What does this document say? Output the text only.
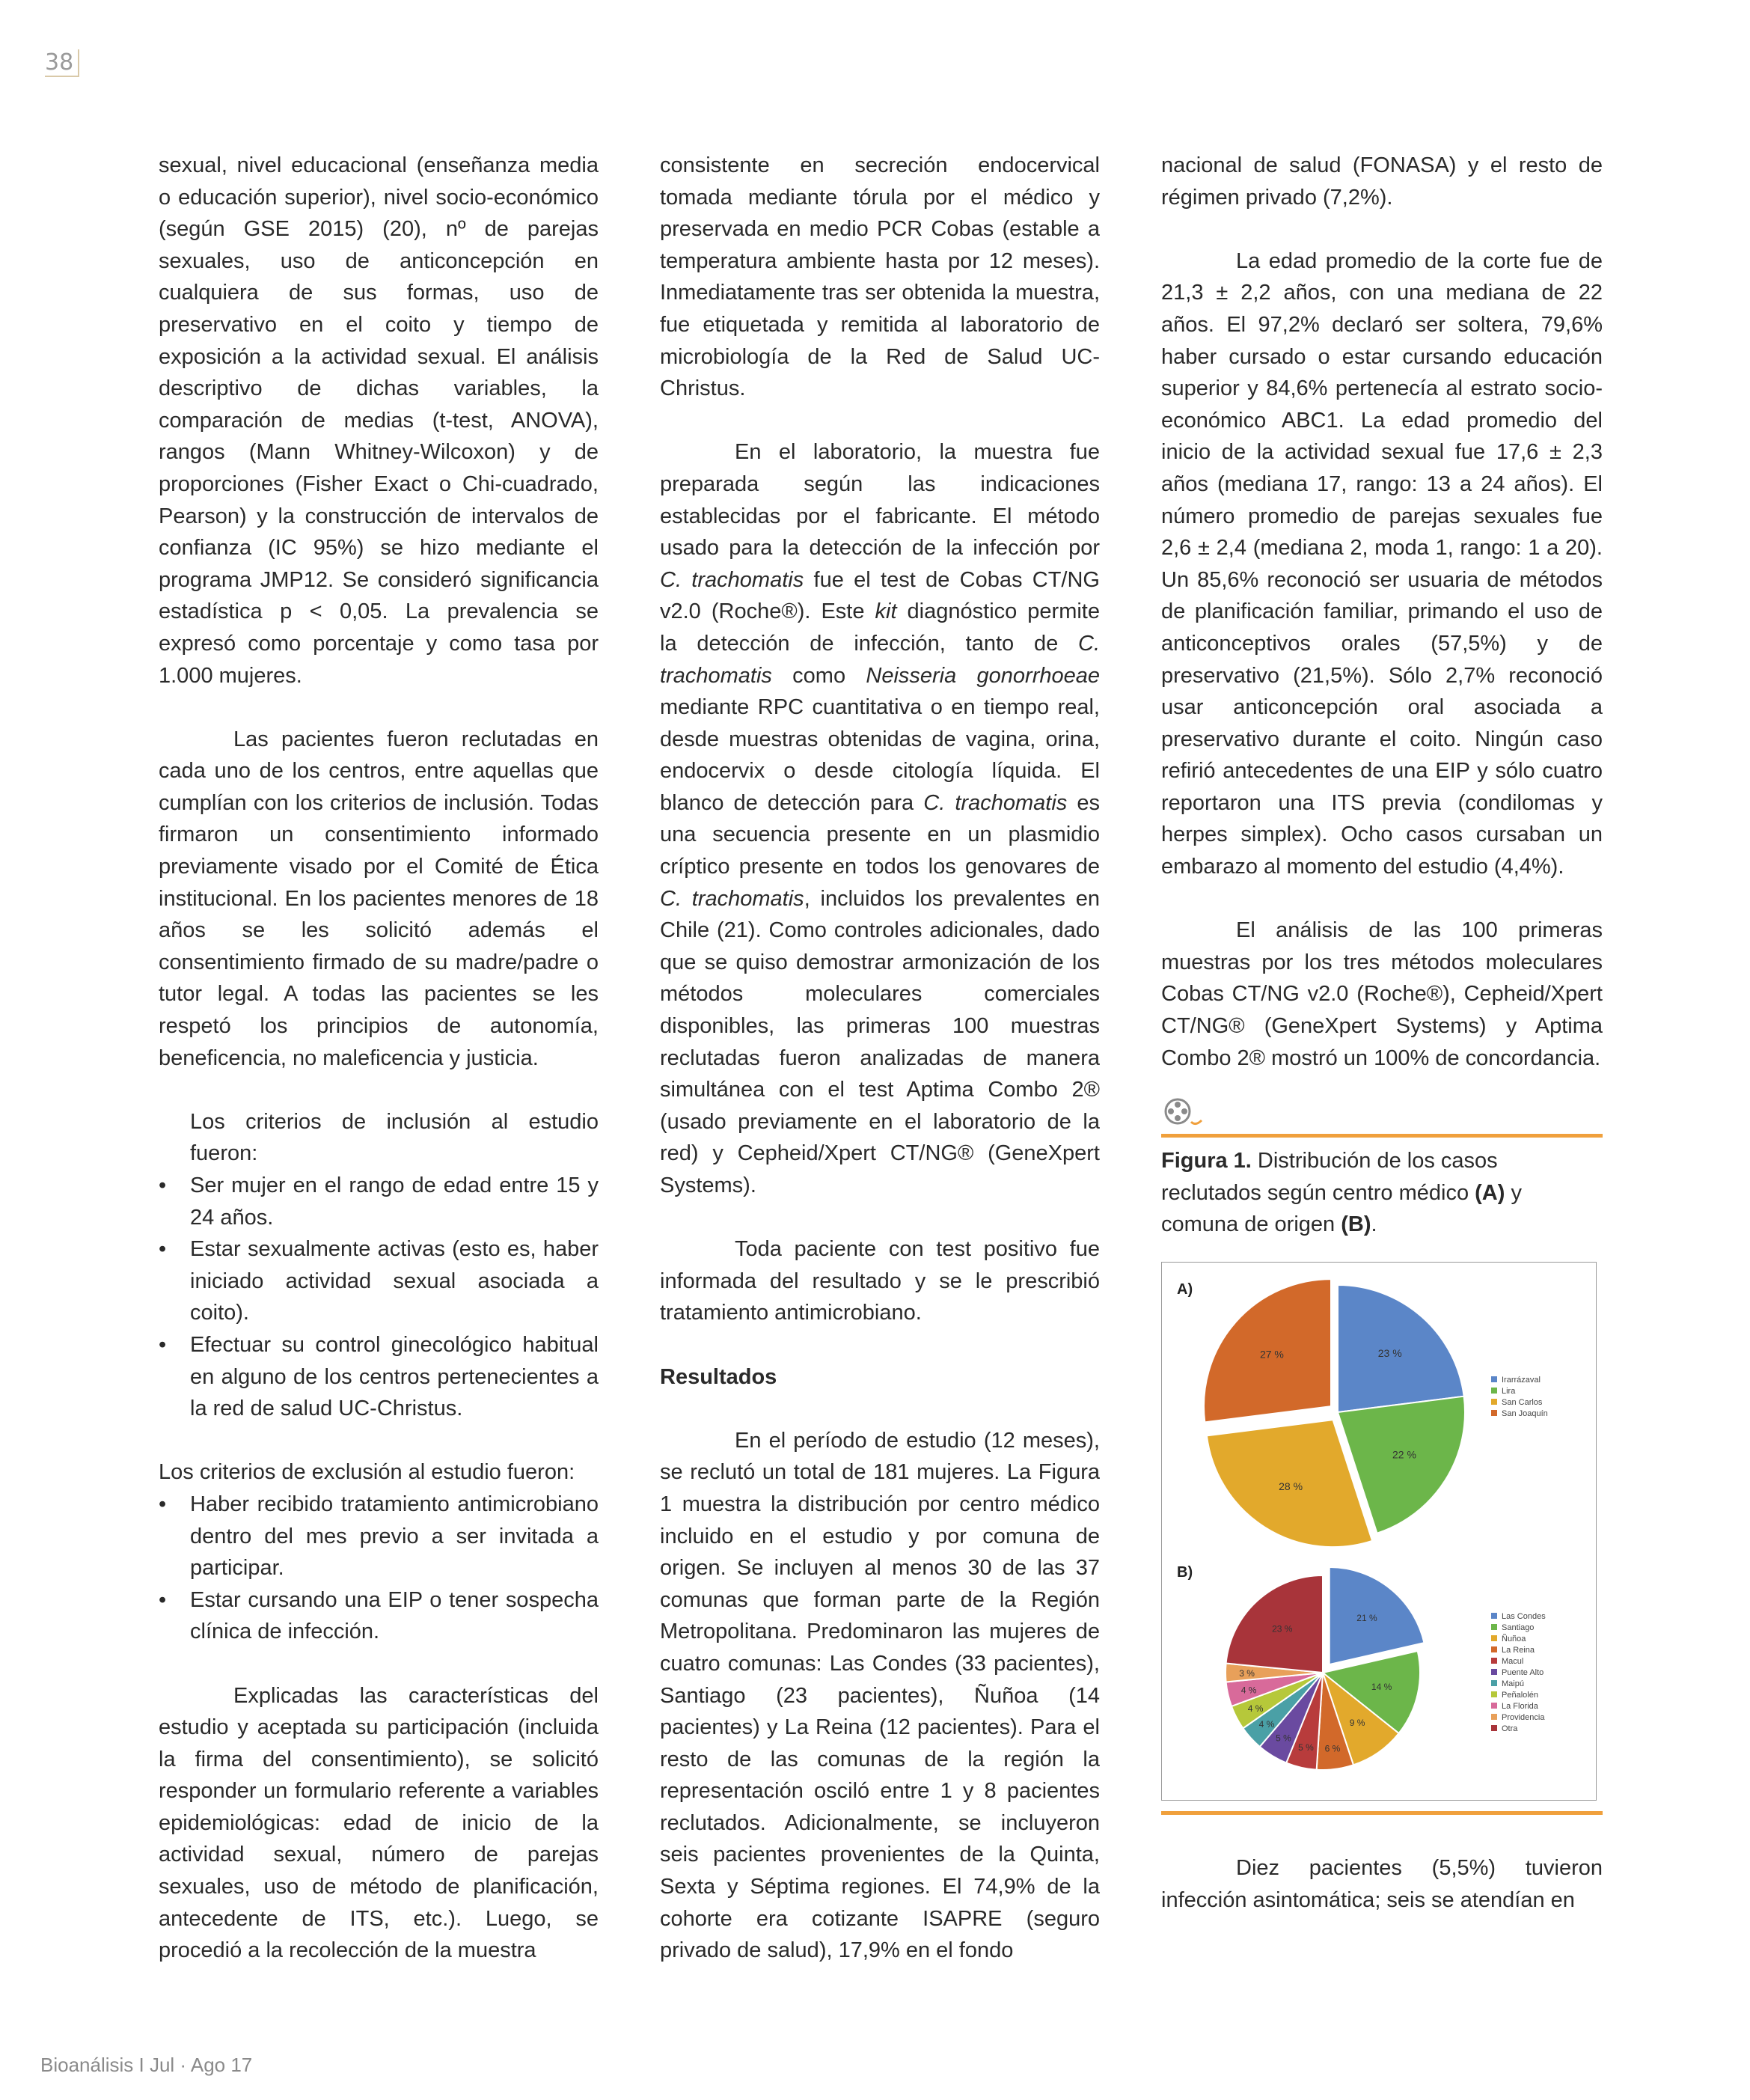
38

sexual, nivel educacional (enseñanza media o educación superior), nivel socio-económico (según GSE 2015) (20), nº de parejas sexuales, uso de anticoncepción en cualquiera de sus formas, uso de preservativo en el coito y tiempo de exposición a la actividad sexual. El análisis descriptivo de dichas variables, la comparación de medias (t-test, ANOVA), rangos (Mann Whitney-Wilcoxon) y de proporciones (Fisher Exact o Chi-cuadrado, Pearson) y la construcción de intervalos de confianza (IC 95%) se hizo mediante el programa JMP12. Se consideró significancia estadística p < 0,05. La prevalencia se expresó como porcentaje y como tasa por 1.000 mujeres.

Las pacientes fueron reclutadas en cada uno de los centros, entre aquellas que cumplían con los criterios de inclusión. Todas firmaron un consentimiento informado previamente visado por el Comité de Ética institucional. En los pacientes menores de 18 años se les solicitó además el consentimiento firmado de su madre/padre o tutor legal. A todas las pacientes se les respetó los principios de autonomía, beneficencia, no maleficencia y justicia.

Los criterios de inclusión al estudio fueron:

• Ser mujer en el rango de edad entre 15 y 24 años.
• Estar sexualmente activas (esto es, haber iniciado actividad sexual asociada a coito).
• Efectuar su control ginecológico habitual en alguno de los centros pertenecientes a la red de salud UC-Christus.

Los criterios de exclusión al estudio fueron:

• Haber recibido tratamiento antimicrobiano dentro del mes previo a ser invitada a participar.
• Estar cursando una EIP o tener sospecha clínica de infección.

Explicadas las características del estudio y aceptada su participación (incluida la firma del consentimiento), se solicitó responder un formulario referente a variables epidemiológicas: edad de inicio de la actividad sexual, número de parejas sexuales, uso de método de planificación, antecedente de ITS, etc.). Luego, se procedió a la recolección de la muestra

consistente en secreción endocervical tomada mediante tórula por el médico y preservada en medio PCR Cobas (estable a temperatura ambiente hasta por 12 meses). Inmediatamente tras ser obtenida la muestra, fue etiquetada y remitida al laboratorio de microbiología de la Red de Salud UC-Christus.

En el laboratorio, la muestra fue preparada según las indicaciones establecidas por el fabricante. El método usado para la detección de la infección por C. trachomatis fue el test de Cobas CT/NG v2.0 (Roche®). Este kit diagnóstico permite la detección de infección, tanto de C. trachomatis como Neisseria gonorrhoeae mediante RPC cuantitativa o en tiempo real, desde muestras obtenidas de vagina, orina, endocervix o desde citología líquida. El blanco de detección para C. trachomatis es una secuencia presente en un plasmidio críptico presente en todos los genovares de C. trachomatis, incluidos los prevalentes en Chile (21). Como controles adicionales, dado que se quiso demostrar armonización de los métodos moleculares comerciales disponibles, las primeras 100 muestras reclutadas fueron analizadas de manera simultánea con el test Aptima Combo 2® (usado previamente en el laboratorio de la red) y Cepheid/Xpert CT/NG® (GeneXpert Systems).

Toda paciente con test positivo fue informada del resultado y se le prescribió tratamiento antimicrobiano.

Resultados

En el período de estudio (12 meses), se reclutó un total de 181 mujeres. La Figura 1 muestra la distribución por centro médico incluido en el estudio y por comuna de origen. Se incluyen al menos 30 de las 37 comunas que forman parte de la Región Metropolitana. Predominaron las mujeres de cuatro comunas: Las Condes (33 pacientes), Santiago (23 pacientes), Ñuñoa (14 pacientes) y La Reina (12 pacientes). Para el resto de las comunas de la región la representación osciló entre 1 y 8 pacientes reclutados. Adicionalmente, se incluyeron seis pacientes provenientes de la Quinta, Sexta y Séptima regiones. El 74,9% de la cohorte era cotizante ISAPRE (seguro privado de salud), 17,9% en el fondo

nacional de salud (FONASA) y el resto de régimen privado (7,2%).

La edad promedio de la corte fue de 21,3 ± 2,2 años, con una mediana de 22 años. El 97,2% declaró ser soltera, 79,6% haber cursado o estar cursando educación superior y 84,6% pertenecía al estrato socio-económico ABC1. La edad promedio del inicio de la actividad sexual fue 17,6 ± 2,3 años (mediana 17, rango: 13 a 24 años). El número promedio de parejas sexuales fue 2,6 ± 2,4 (mediana 2, moda 1, rango: 1 a 20). Un 85,6% reconoció ser usuaria de métodos de planificación familiar, primando el uso de anticonceptivos orales (57,5%) y de preservativo (21,5%). Sólo 2,7% reconoció usar anticoncepción oral asociada a preservativo durante el coito. Ningún caso refirió antecedentes de una EIP y sólo cuatro reportaron una ITS previa (condilomas y herpes simplex). Ocho casos cursaban un embarazo al momento del estudio (4,4%).

El análisis de las 100 primeras muestras por los tres métodos moleculares Cobas CT/NG v2.0 (Roche®), Cepheid/Xpert CT/NG® (GeneXpert Systems) y Aptima Combo 2® mostró un 100% de concordancia.

Figura 1. Distribución de los casos reclutados según centro médico (A) y comuna de origen (B).

A)
23 %
22 %
28 %
27 %
Irarrázaval
Lira
San Carlos
San Joaquín
B)
21 %
14 %
9 %
6 %
5 %
5 %
4 %
4 %
4 %
3 %
23 %
Las Condes
Santiago
Ñuñoa
La Reina
Macul
Puente Alto
Maipú
Peñalolén
La Florida
Providencia
Otra

Diez pacientes (5,5%) tuvieron infección asintomática; seis se atendían en

Bioanálisis I Jul · Ago 17
